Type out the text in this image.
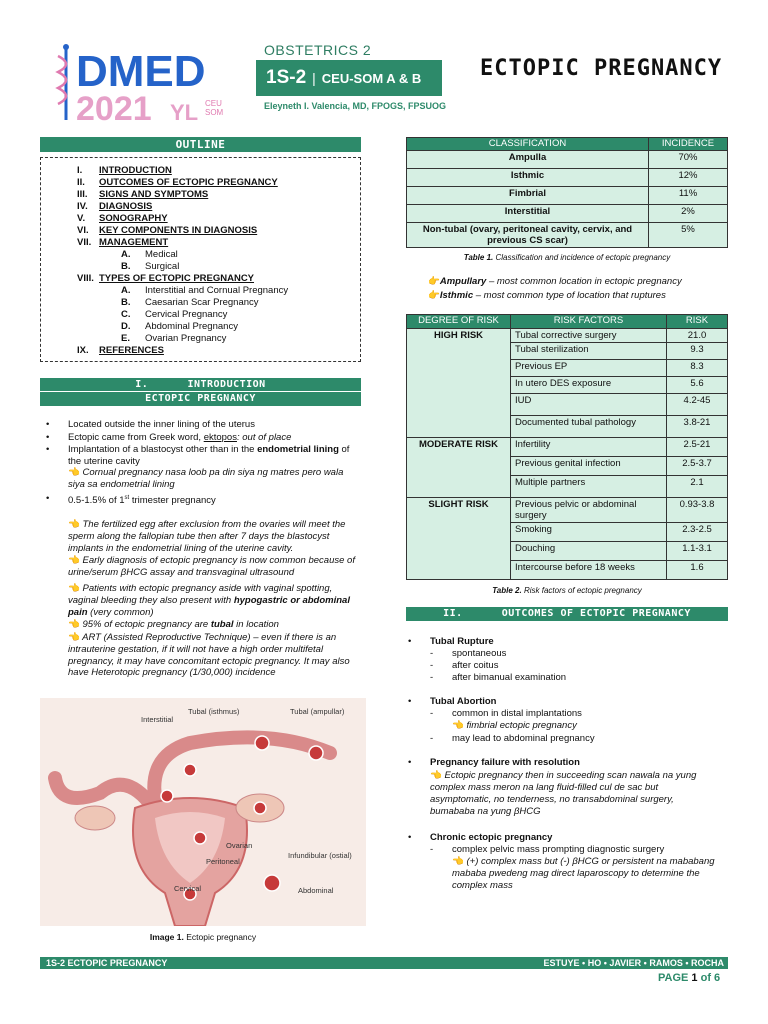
DMED
2021 YL CEU
SOM
OBSTETRICS 2
1S-2 | CEU-SOM A & B
Eleyneth I. Valencia, MD, FPOGS, FPSUOG
ECTOPIC PREGNANCY
OUTLINE
I.	INTRODUCTION
II.	OUTCOMES OF ECTOPIC PREGNANCY
III.	SIGNS AND SYMPTOMS
IV.	DIAGNOSIS
V.	SONOGRAPHY
VI.	KEY COMPONENTS IN DIAGNOSIS
VII. MANAGEMENT
A. Medical
B. Surgical
VIII. TYPES OF ECTOPIC PREGNANCY
A. Interstitial and Cornual Pregnancy
B. Caesarian Scar Pregnancy
C. Cervical Pregnancy
D. Abdominal Pregnancy
E. Ovarian Pregnancy
IX.	REFERENCES
I.	INTRODUCTION
ECTOPIC PREGNANCY
• Located outside the inner lining of the uterus
• Ectopic came from Greek word, ektopos: out of place
• Implantation of a blastocyst other than in the endometrial lining of the uterine cavity
👈 Cornual pregnancy nasa loob pa din siya ng matres pero wala siya sa endometrial lining
• 0.5-1.5% of 1st trimester pregnancy
👈 The fertilized egg after exclusion from the ovaries will meet the sperm along the fallopian tube then after 7 days the blastocyst implants in the endometrial lining of the uterine cavity.
👈 Early diagnosis of ectopic pregnancy is now common because of urine/serum βHCG assay and transvaginal ultrasound
👈 Patients with ectopic pregnancy aside with vaginal spotting, vaginal bleeding they also present with hypogastric or abdominal pain (very common)
👈 95% of ectopic pregnancy are tubal in location
👈 ART (Assisted Reproductive Technique) – even if there is an intrauterine gestation, if it will not have a high order multifetal pregnancy, it may have concomitant ectopic pregnancy. It may also have Heterotopic pregnancy (1/30,000) incidence
Interstitial
Tubal (isthmus)	Tubal (ampullar)
Ovarian
Peritoneal
Infundibular (ostial)
Cervical	Abdominal
Image 1. Ectopic pregnancy
CLASSIFICATION	INCIDENCE
Ampulla	70%
Isthmic	12%
Fimbrial	11%
Interstitial	2%
Non-tubal (ovary, peritoneal cavity, cervix, and previous CS scar)	5%
Table 1. Classification and incidence of ectopic pregnancy
👉Ampullary – most common location in ectopic pregnancy
👉Isthmic – most common type of location that ruptures
DEGREE OF RISK	RISK FACTORS	RISK
HIGH RISK	Tubal corrective surgery	21.0
	Tubal sterilization	9.3
	Previous EP	8.3
	In utero DES exposure	5.6
	IUD	4.2-45
	Documented tubal pathology	3.8-21
MODERATE RISK	Infertility	2.5-21
	Previous genital infection	2.5-3.7
	Multiple partners	2.1
SLIGHT RISK	Previous pelvic or abdominal surgery	0.93-3.8
	Smoking	2.3-2.5
	Douching	1.1-3.1
	Intercourse before 18 weeks	1.6
Table 2. Risk factors of ectopic pregnancy
II.	OUTCOMES OF ECTOPIC PREGNANCY
• Tubal Rupture
- spontaneous
- after coitus
- after bimanual examination
• Tubal Abortion
- common in distal implantations
👈 fimbrial ectopic pregnancy
- may lead to abdominal pregnancy
• Pregnancy failure with resolution
👈 Ectopic pregnancy then in succeeding scan nawala na yung complex mass meron na lang fluid-filled cul de sac but asymptomatic, no tenderness, no transabdominal surgery, bumababa na yung βHCG
• Chronic ectopic pregnancy
- complex pelvic mass prompting diagnostic surgery
👈 (+) complex mass but (-) βHCG or persistent na mababang mababa pwedeng mag direct laparoscopy to determine the complex mass
1S-2 ECTOPIC PREGNANCY	ESTUYE • HO • JAVIER • RAMOS • ROCHA
PAGE 1 of 6
